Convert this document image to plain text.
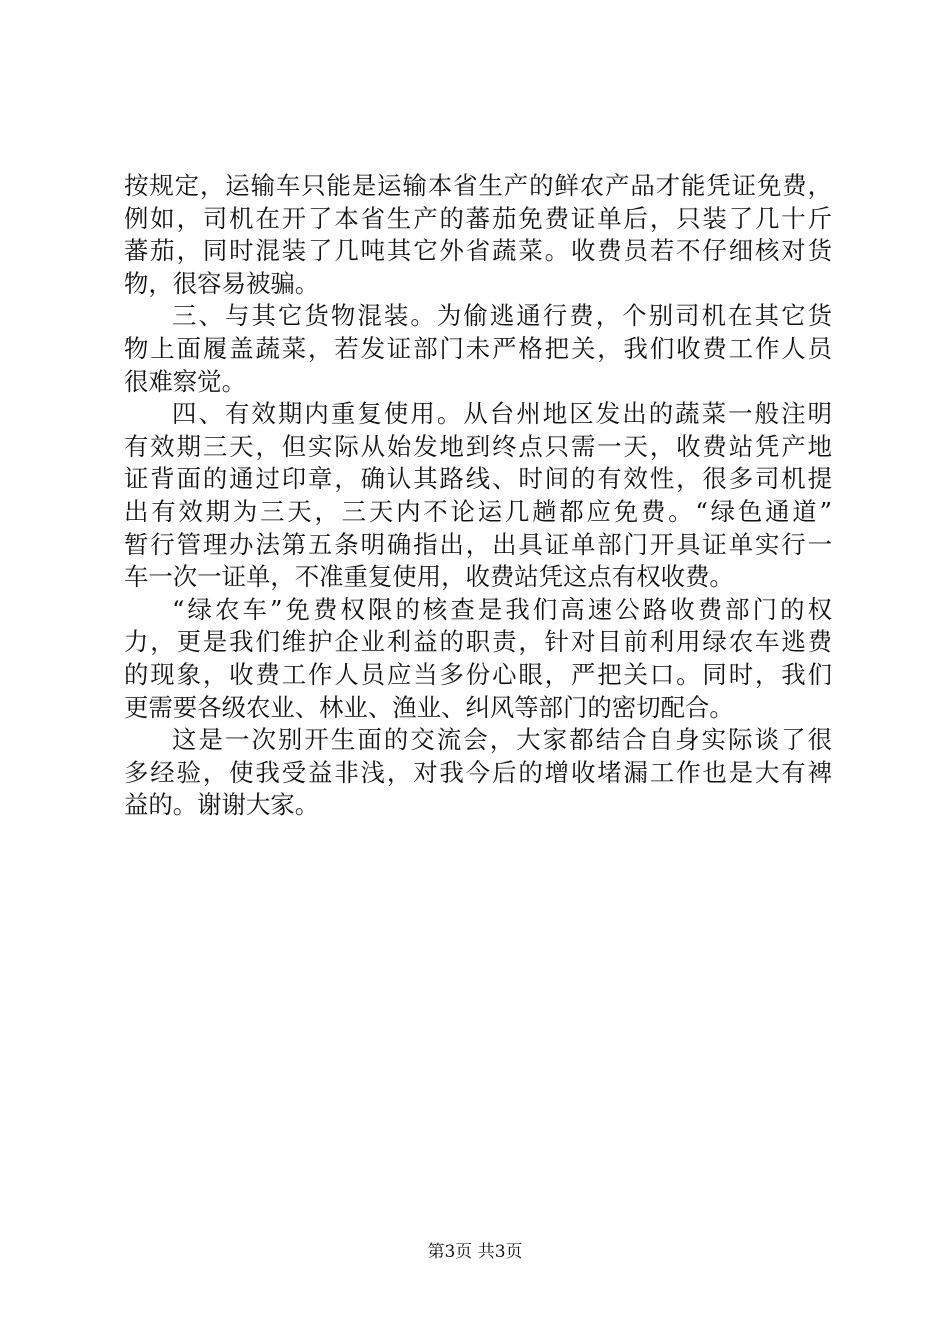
按规定，运输车只能是运输本省生产的鲜农产品才能凭证免费，
例如，司机在开了本省生产的蕃茄免费证单后，只装了几十斤
蕃茄，同时混装了几吨其它外省蔬菜。收费员若不仔细核对货
物，很容易被骗。
三、与其它货物混装。为偷逃通行费，个别司机在其它货
物上面履盖蔬菜，若发证部门未严格把关，我们收费工作人员
很难察觉。
四、有效期内重复使用。从台州地区发出的蔬菜一般注明
有效期三天，但实际从始发地到终点只需一天，收费站凭产地
证背面的通过印章，确认其路线、时间的有效性，很多司机提
出有效期为三天，三天内不论运几趟都应免费。“绿色通道”
暂行管理办法第五条明确指出，出具证单部门开具证单实行一
车一次一证单，不准重复使用，收费站凭这点有权收费。
“绿农车”免费权限的核查是我们高速公路收费部门的权
力，更是我们维护企业利益的职责，针对目前利用绿农车逃费
的现象，收费工作人员应当多份心眼，严把关口。同时，我们
更需要各级农业、林业、渔业、纠风等部门的密切配合。
这是一次别开生面的交流会，大家都结合自身实际谈了很
多经验，使我受益非浅，对我今后的增收堵漏工作也是大有裨
益的。谢谢大家。
第3页 共3页
